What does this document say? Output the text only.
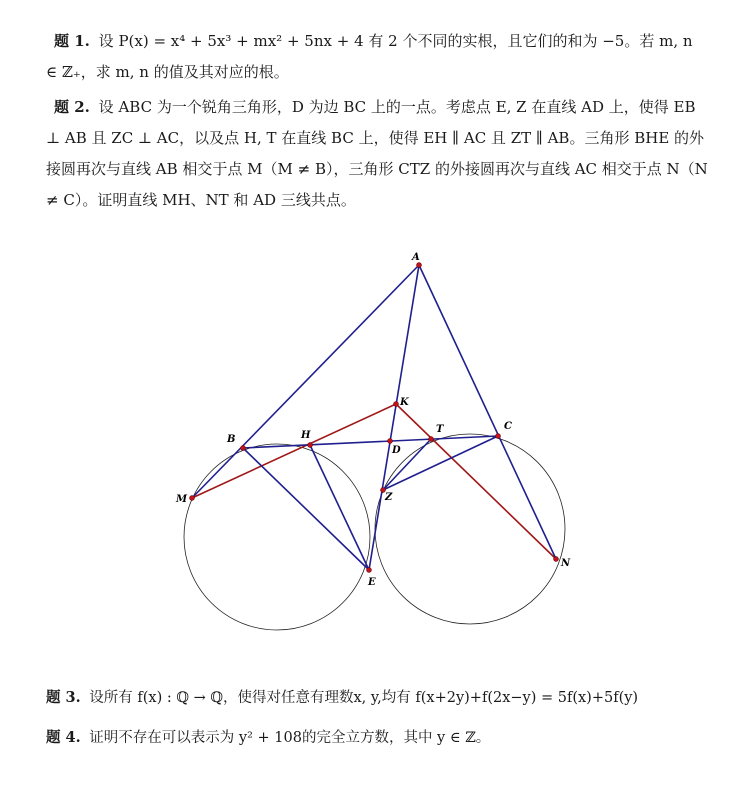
题 1. 设 P(x) = x⁴ + 5x³ + mx² + 5nx + 4 有 2 个不同的实根，且它们的和为 −5。若 m, n ∈ ℤ₊，求 m, n 的值及其对应的根。
题 2. 设 ABC 为一个锐角三角形，D 为边 BC 上的一点。考虑点 E, Z 在直线 AD 上，使得 EB ⊥ AB 且 ZC ⊥ AC，以及点 H, T 在直线 BC 上，使得 EH ∥ AC 且 ZT ∥ AB。三角形 BHE 的外接圆再次与直线 AB 相交于点 M（M ≠ B），三角形 CTZ 的外接圆再次与直线 AC 相交于点 N（N ≠ C）。证明直线 MH、NT 和 AD 三线共点。
A
B
C
D
E
H
K
M
N
T
Z
题 3. 设所有 f(x) : ℚ → ℚ，使得对任意有理数x, y,均有 f(x+2y)+f(2x−y) = 5f(x)+5f(y)
题 4. 证明不存在可以表示为 y² + 108的完全立方数，其中 y ∈ ℤ。
